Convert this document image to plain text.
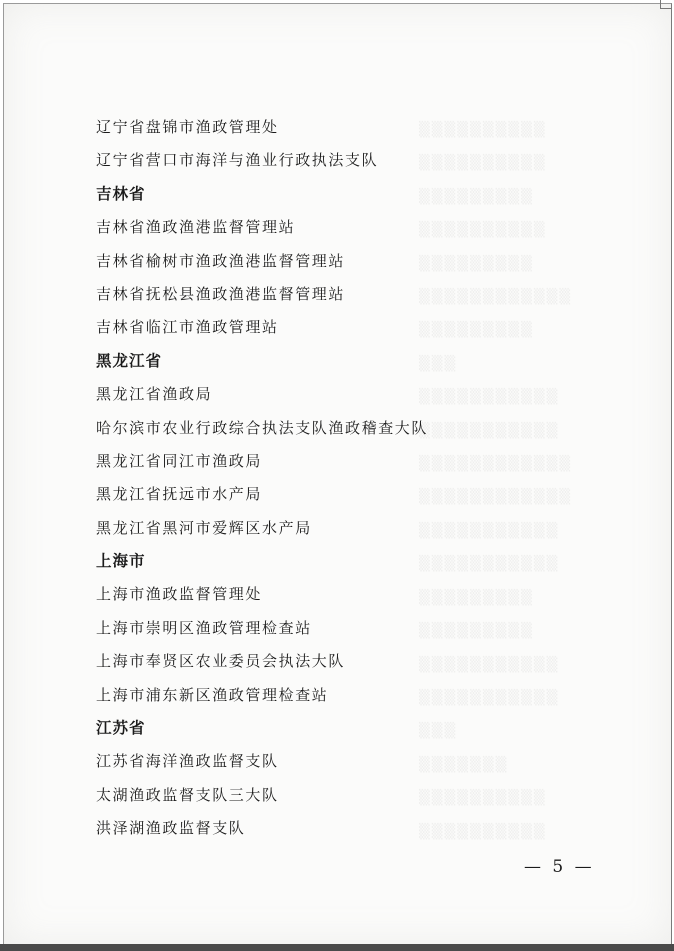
▒▒▒▒▒▒▒▒▒▒
▒▒▒▒▒▒▒▒▒▒
▒▒▒▒▒▒▒▒▒
▒▒▒▒▒▒▒▒▒▒
▒▒▒▒▒▒▒▒▒
▒▒▒▒▒▒▒▒▒▒▒▒
▒▒▒▒▒▒▒▒▒
▒▒▒
▒▒▒▒▒▒▒▒▒▒▒
▒▒▒▒▒▒▒▒▒▒▒
▒▒▒▒▒▒▒▒▒▒▒▒
▒▒▒▒▒▒▒▒▒▒▒▒
▒▒▒▒▒▒▒▒▒▒▒
▒▒▒▒▒▒▒▒▒▒▒
▒▒▒▒▒▒▒▒▒
▒▒▒▒▒▒▒▒▒
▒▒▒▒▒▒▒▒▒▒▒
▒▒▒▒▒▒▒▒▒▒▒
▒▒▒
▒▒▒▒▒▒▒
▒▒▒▒▒▒▒▒▒▒
▒▒▒▒▒▒▒▒▒▒
辽宁省盘锦市渔政管理处
辽宁省营口市海洋与渔业行政执法支队
吉林省
吉林省渔政渔港监督管理站
吉林省榆树市渔政渔港监督管理站
吉林省抚松县渔政渔港监督管理站
吉林省临江市渔政管理站
黑龙江省
黑龙江省渔政局
哈尔滨市农业行政综合执法支队渔政稽查大队
黑龙江省同江市渔政局
黑龙江省抚远市水产局
黑龙江省黑河市爱辉区水产局
上海市
上海市渔政监督管理处
上海市崇明区渔政管理检查站
上海市奉贤区农业委员会执法大队
上海市浦东新区渔政管理检查站
江苏省
江苏省海洋渔政监督支队
太湖渔政监督支队三大队
洪泽湖渔政监督支队
— 5 —
